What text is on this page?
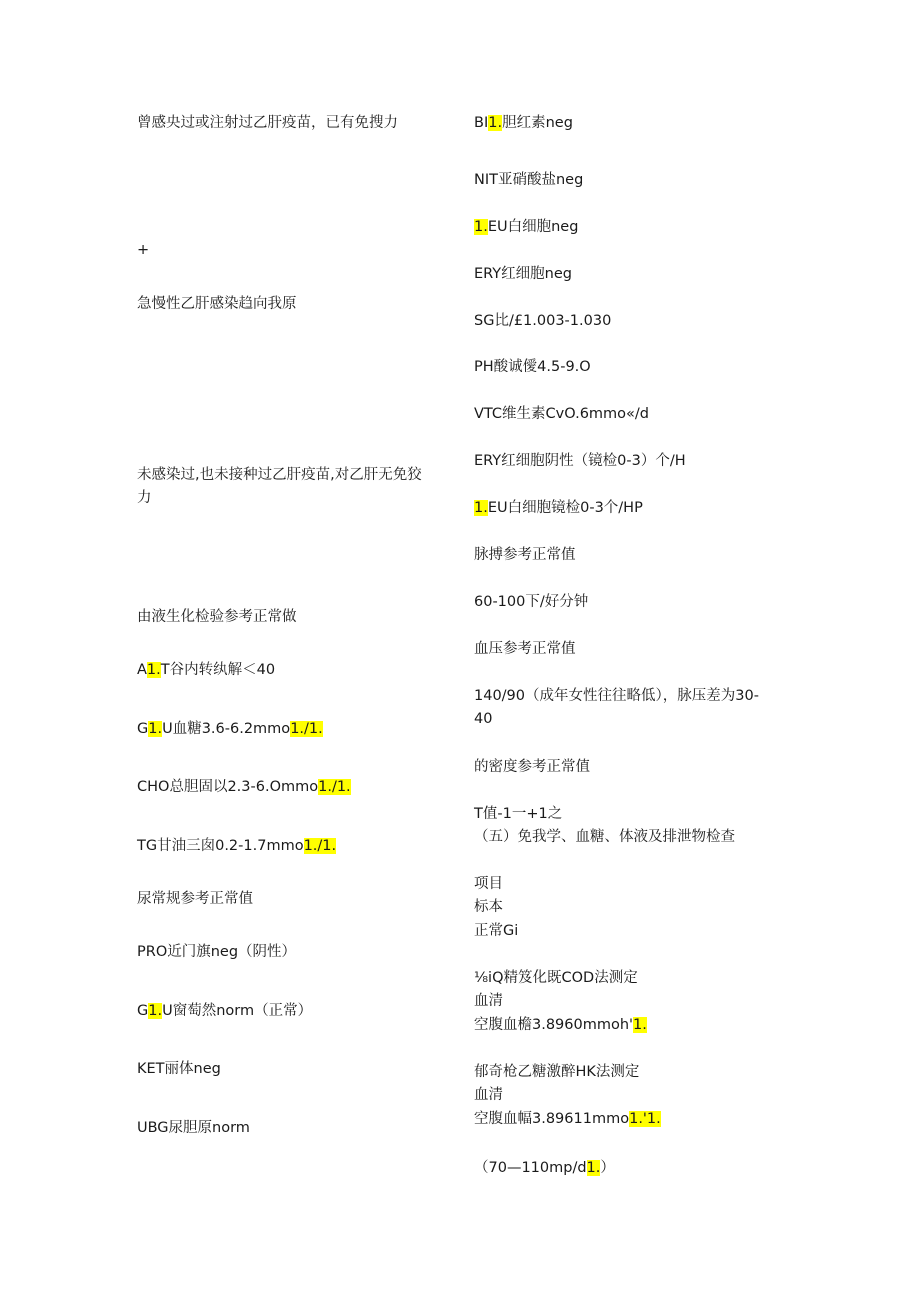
曾感央过或注射过乙肝疫苗，已有免搜力
+
急慢性乙肝感染趋向我原
未感染过,也未接种过乙肝疫苗,对乙肝无免狡
力
由液生化检验参考正常做
A1.T谷内转纨解＜40
G1.U血糖3.6-6.2mmo1./1.
CHO总胆固以2.3-6.Ommo1./1.
TG甘油三囱0.2-1.7mmo1./1.
尿常规参考正常值
PRO近门旗neg（阴性）
G1.U窗萄然norm（正常）
KET丽体neg
UBG尿胆原norm
BI1.胆红素neg
NIT亚硝酸盐neg
1.EU白细胞neg
ERY红细胞neg
SG比∕£1.003-1.030
PH酸诚僾4.5-9.O
VTC维生素CvO.6mmo«/d
ERY红细胞阴性（镜检0-3）个/H
1.EU白细胞镜检0-3个/HP
脉搏参考正常值
60-100下/好分钟
血压参考正常值
140/90（成年女性往往略低），脉压差为30-
40
的密度参考正常值
T值-1一+1之
（五）免我学、血糖、体液及排泄物检查
项目
标本
正常Gi
⅛iQ精笈化既COD法测定
血清
空腹血檐3.8960mmoh'1.
郁奇枪乙糖激醉HK法测定
血清
空腹血幅3.89611mmo1.'1.
（70—110mp∕d1.）
